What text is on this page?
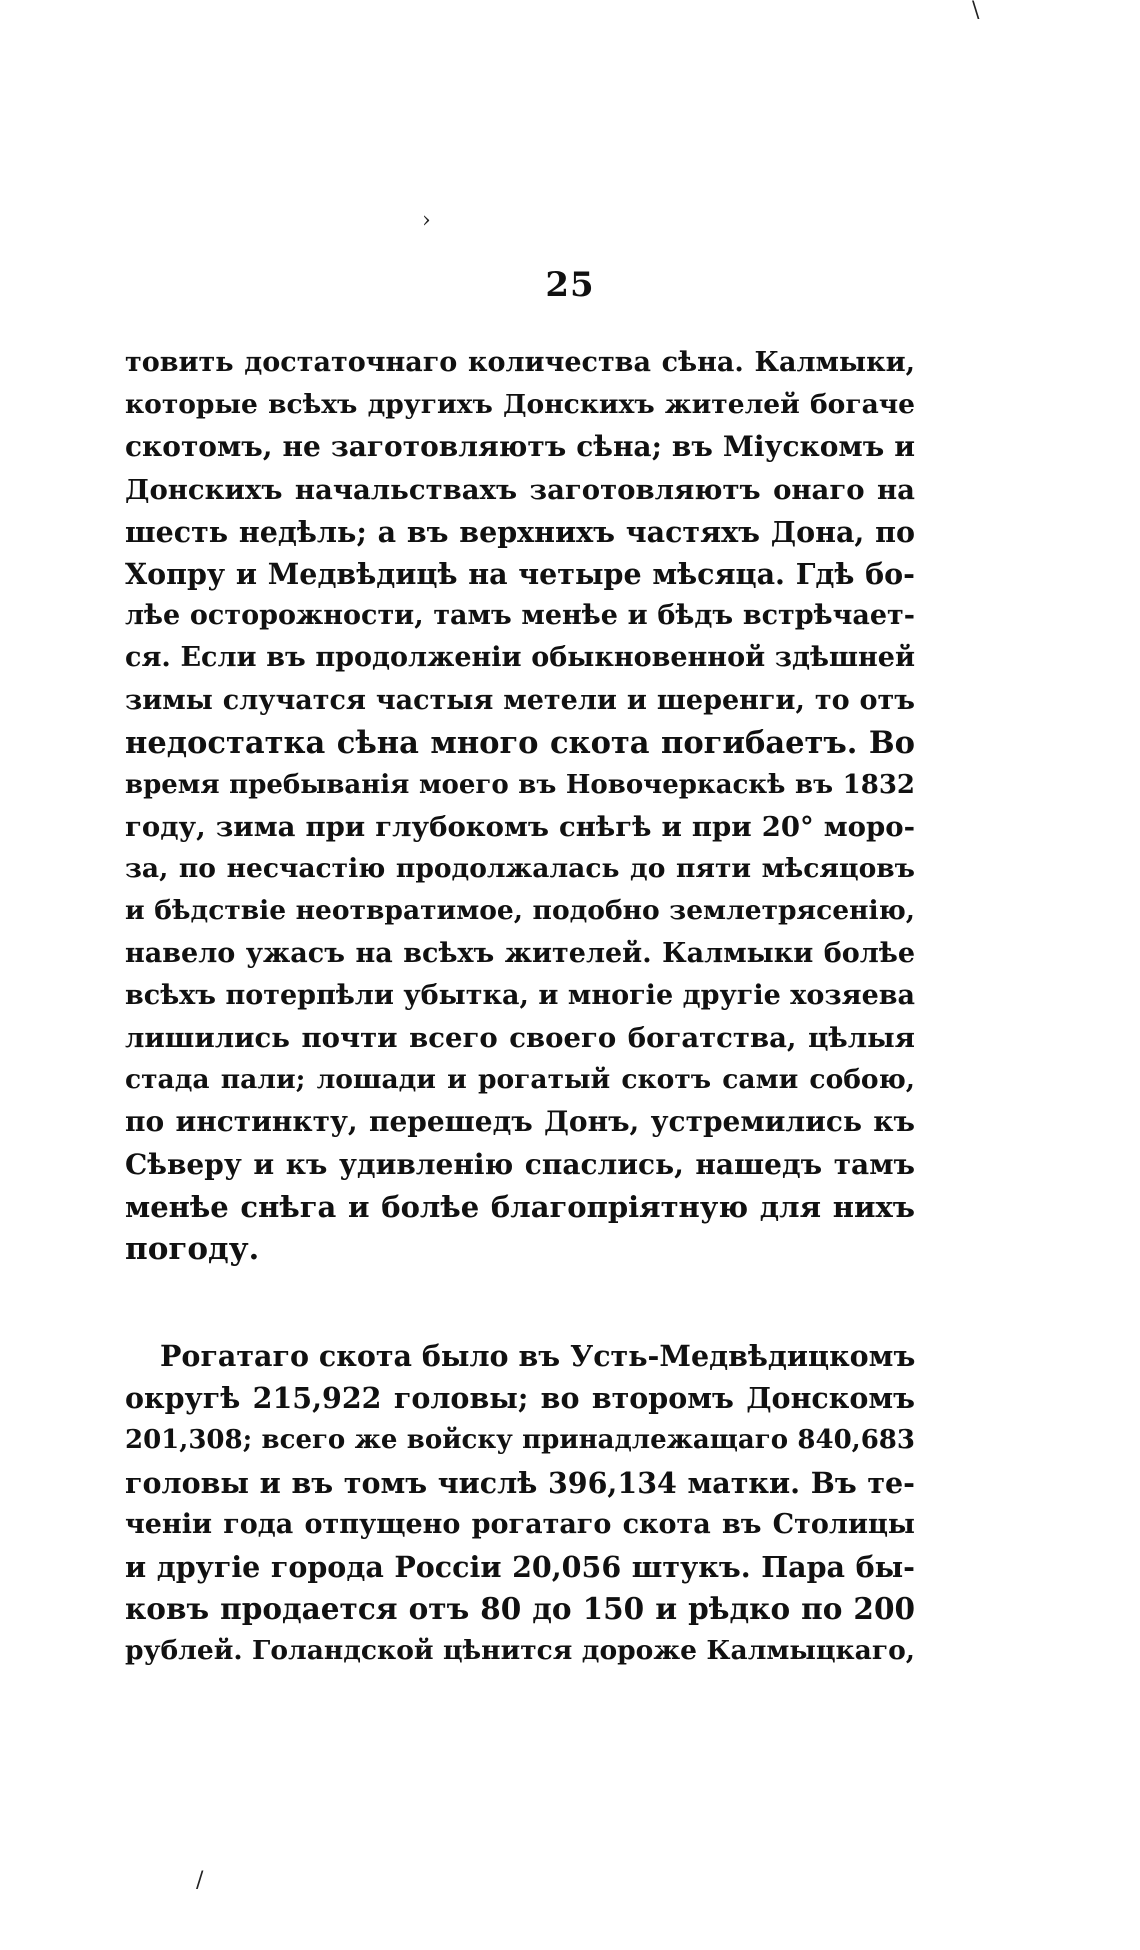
\
›
/
25
товить достаточнаго количества сѣна. Калмыки,
которые всѣхъ другихъ Донскихъ жителей богаче
скотомъ, не заготовляютъ сѣна; въ Міускомъ и
Донскихъ начальствахъ заготовляютъ онаго на
шесть недѣль; а въ верхнихъ частяхъ Дона, по
Хопру и Медвѣдицѣ на четыре мѣсяца. Гдѣ бо-
лѣе осторожности, тамъ менѣе и бѣдъ встрѣчает-
ся. Если въ продолженіи обыкновенной здѣшней
зимы случатся частыя метели и шеренги, то отъ
недостатка сѣна много скота погибаетъ. Во
время пребыванія моего въ Новочеркаскѣ въ 1832
году, зима при глубокомъ снѣгѣ и при 20° моро-
за, по несчастію продолжалась до пяти мѣсяцовъ
и бѣдствіе неотвратимое, подобно землетрясенію,
навело ужасъ на всѣхъ жителей. Калмыки болѣе
всѣхъ потерпѣли убытка, и многіе другіе хозяева
лишились почти всего своего богатства, цѣлыя
стада пали; лошади и рогатый скотъ сами собою,
по инстинкту, перешедъ Донъ, устремились къ
Сѣверу и къ удивленію спаслись, нашедъ тамъ
менѣе снѣга и болѣе благопріятную для нихъ
погоду.
Рогатаго скота было въ Усть-Медвѣдицкомъ
округѣ 215,922 головы; во второмъ Донскомъ
201,308; всего же войску принадлежащаго 840,683
головы и въ томъ числѣ 396,134 матки. Въ те-
ченіи года отпущено рогатаго скота въ Столицы
и другіе города Россіи 20,056 штукъ. Пара бы-
ковъ продается отъ 80 до 150 и рѣдко по 200
рублей. Голандской цѣнится дороже Калмыцкаго,
